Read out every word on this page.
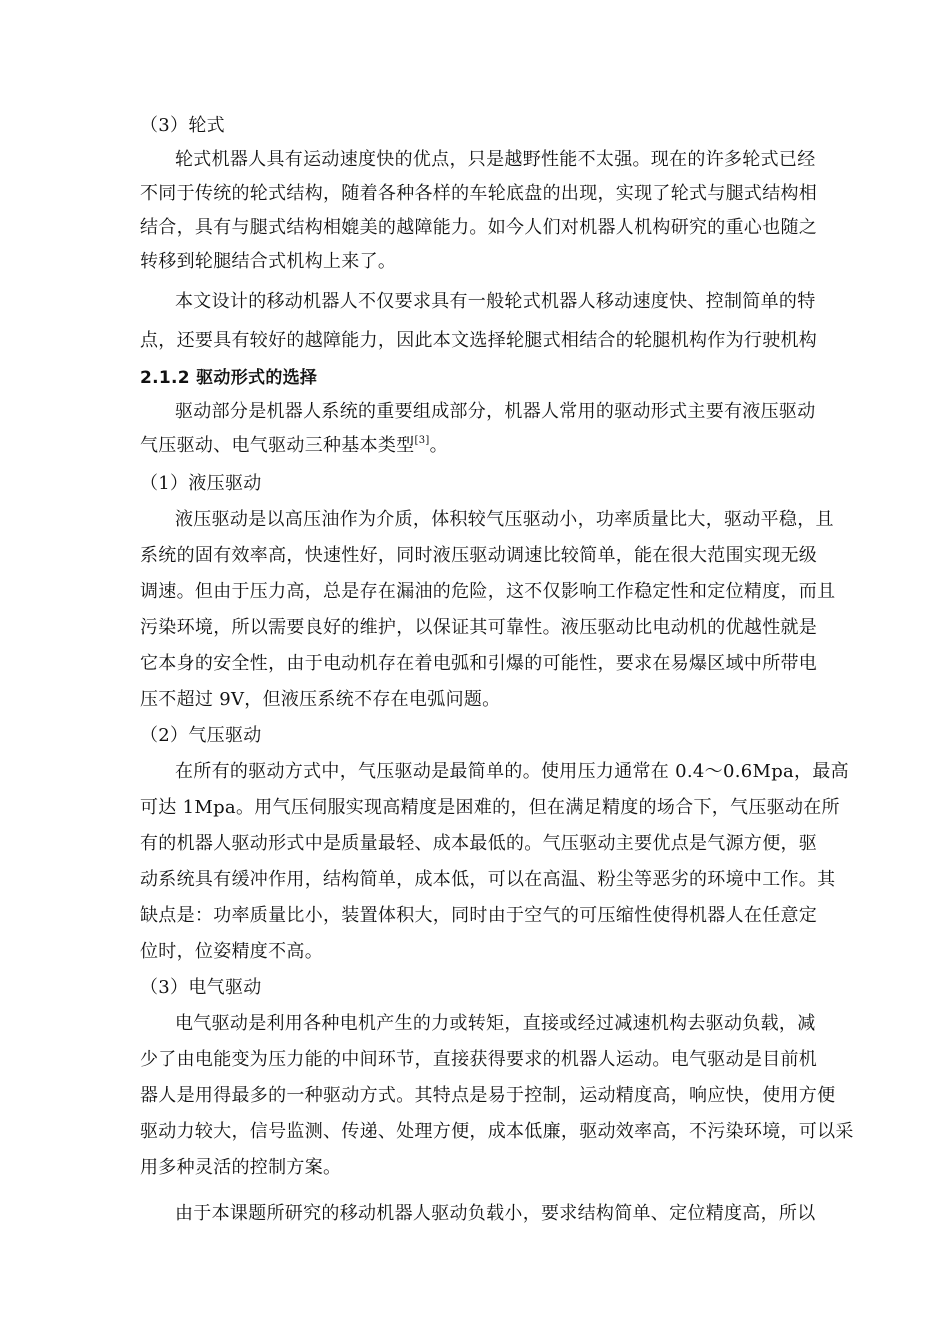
（3）轮式
轮式机器人具有运动速度快的优点，只是越野性能不太强。现在的许多轮式已经
不同于传统的轮式结构，随着各种各样的车轮底盘的出现，实现了轮式与腿式结构相
结合，具有与腿式结构相媲美的越障能力。如今人们对机器人机构研究的重心也随之
转移到轮腿结合式机构上来了。
本文设计的移动机器人不仅要求具有一般轮式机器人移动速度快、控制简单的特
点，还要具有较好的越障能力，因此本文选择轮腿式相结合的轮腿机构作为行驶机构
2.1.2 驱动形式的选择
驱动部分是机器人系统的重要组成部分，机器人常用的驱动形式主要有液压驱动
气压驱动、电气驱动三种基本类型[3]。
（1）液压驱动
液压驱动是以高压油作为介质，体积较气压驱动小，功率质量比大，驱动平稳，且
系统的固有效率高，快速性好，同时液压驱动调速比较简单，能在很大范围实现无级
调速。但由于压力高，总是存在漏油的危险，这不仅影响工作稳定性和定位精度，而且
污染环境，所以需要良好的维护，以保证其可靠性。液压驱动比电动机的优越性就是
它本身的安全性，由于电动机存在着电弧和引爆的可能性，要求在易爆区域中所带电
压不超过 9V，但液压系统不存在电弧问题。
（2）气压驱动
在所有的驱动方式中，气压驱动是最简单的。使用压力通常在 0.4～0.6Mpa，最高
可达 1Mpa。用气压伺服实现高精度是困难的，但在满足精度的场合下，气压驱动在所
有的机器人驱动形式中是质量最轻、成本最低的。气压驱动主要优点是气源方便，驱
动系统具有缓冲作用，结构简单，成本低，可以在高温、粉尘等恶劣的环境中工作。其
缺点是：功率质量比小，装置体积大，同时由于空气的可压缩性使得机器人在任意定
位时，位姿精度不高。
（3）电气驱动
电气驱动是利用各种电机产生的力或转矩，直接或经过减速机构去驱动负载，减
少了由电能变为压力能的中间环节，直接获得要求的机器人运动。电气驱动是目前机
器人是用得最多的一种驱动方式。其特点是易于控制，运动精度高，响应快，使用方便
驱动力较大，信号监测、传递、处理方便，成本低廉，驱动效率高，不污染环境，可以采
用多种灵活的控制方案。
由于本课题所研究的移动机器人驱动负载小，要求结构简单、定位精度高，所以
